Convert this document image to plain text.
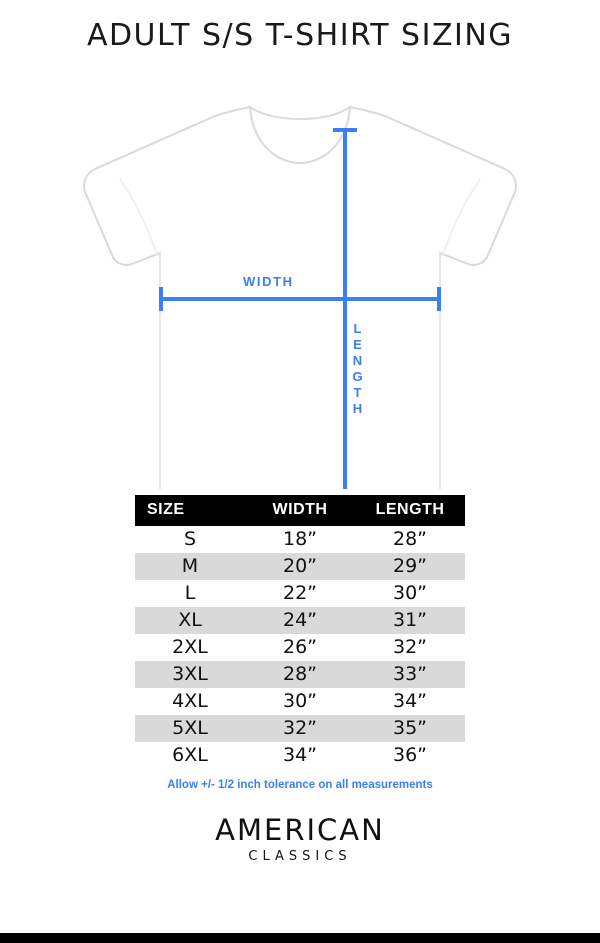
ADULT S/S T-SHIRT SIZING
WIDTH
LENGTH
SIZE	WIDTH	LENGTH
S	18”	28”
M	20”	29”
L	22”	30”
XL	24”	31”
2XL	26”	32”
3XL	28”	33”
4XL	30”	34”
5XL	32”	35”
6XL	34”	36”
Allow +/- 1/2 inch tolerance on all measurements
AMERICAN
CLASSICS
